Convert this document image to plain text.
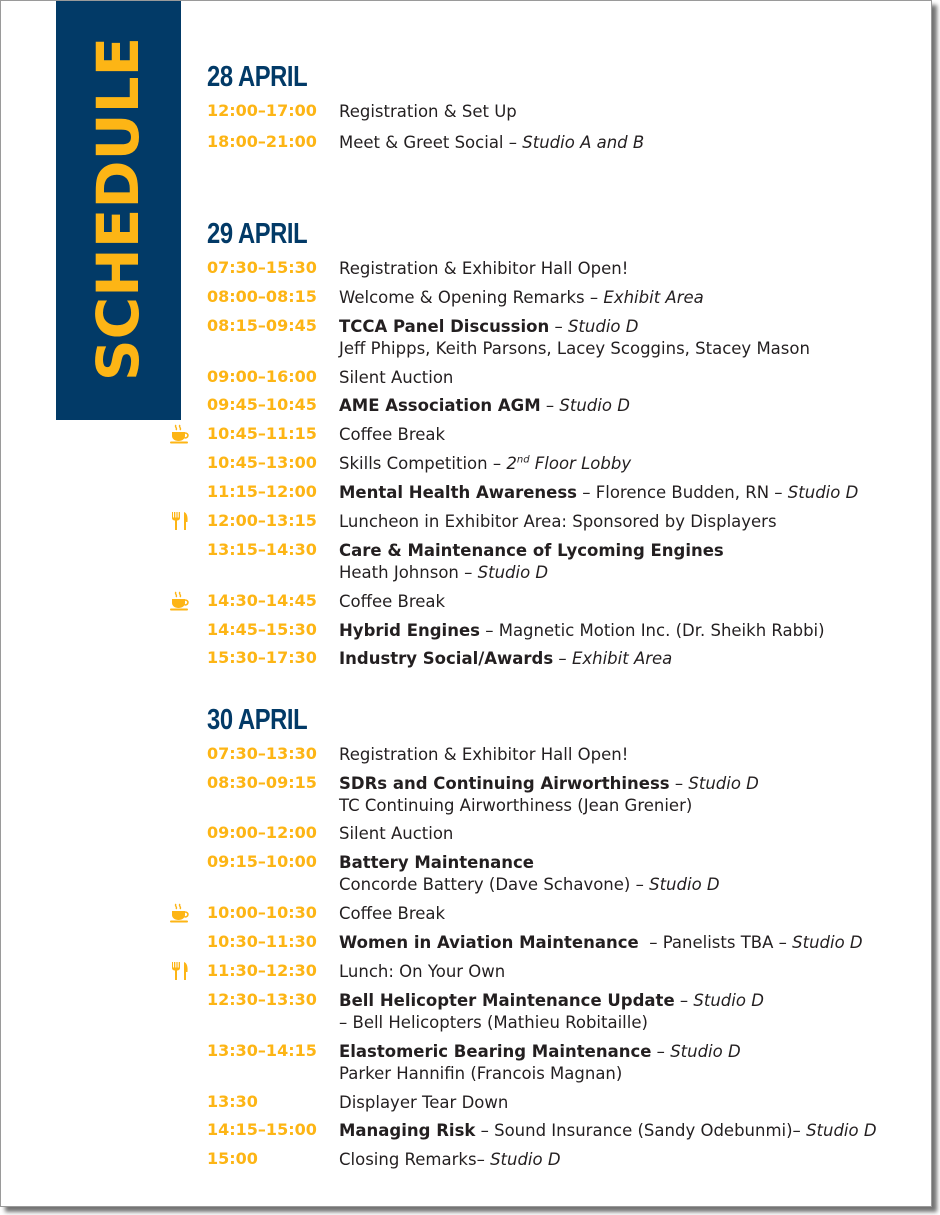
SCHEDULE 28 APRIL
12:00–17:00 Registration & Set Up
18:00–21:00 Meet & Greet Social – Studio A and B
29 APRIL
07:30–15:30 Registration & Exhibitor Hall Open!
08:00–08:15 Welcome & Opening Remarks – Exhibit Area
08:15–09:45 TCCA Panel Discussion – Studio D
Jeff Phipps, Keith Parsons, Lacey Scoggins, Stacey Mason
09:00–16:00 Silent Auction
09:45–10:45 AME Association AGM – Studio D
10:45–11:15 Coffee Break
10:45–13:00 Skills Competition – 2nd Floor Lobby
11:15–12:00 Mental Health Awareness – Florence Budden, RN – Studio D
12:00–13:15 Luncheon in Exhibitor Area: Sponsored by Displayers
13:15–14:30 Care & Maintenance of Lycoming Engines
Heath Johnson – Studio D
14:30–14:45 Coffee Break
14:45–15:30 Hybrid Engines – Magnetic Motion Inc. (Dr. Sheikh Rabbi)
15:30–17:30 Industry Social/Awards – Exhibit Area
30 APRIL
07:30–13:30 Registration & Exhibitor Hall Open!
08:30–09:15 SDRs and Continuing Airworthiness – Studio D
TC Continuing Airworthiness (Jean Grenier)
09:00–12:00 Silent Auction
09:15–10:00 Battery Maintenance
Concorde Battery (Dave Schavone) – Studio D
10:00–10:30 Coffee Break
10:30–11:30 Women in Aviation Maintenance  – Panelists TBA – Studio D
11:30–12:30 Lunch: On Your Own
12:30–13:30 Bell Helicopter Maintenance Update – Studio D
– Bell Helicopters (Mathieu Robitaille)
13:30–14:15 Elastomeric Bearing Maintenance – Studio D
Parker Hannifin (Francois Magnan)
13:30	Displayer Tear Down
14:15–15:00 Managing Risk – Sound Insurance (Sandy Odebunmi)– Studio D
15:00	Closing Remarks– Studio D
